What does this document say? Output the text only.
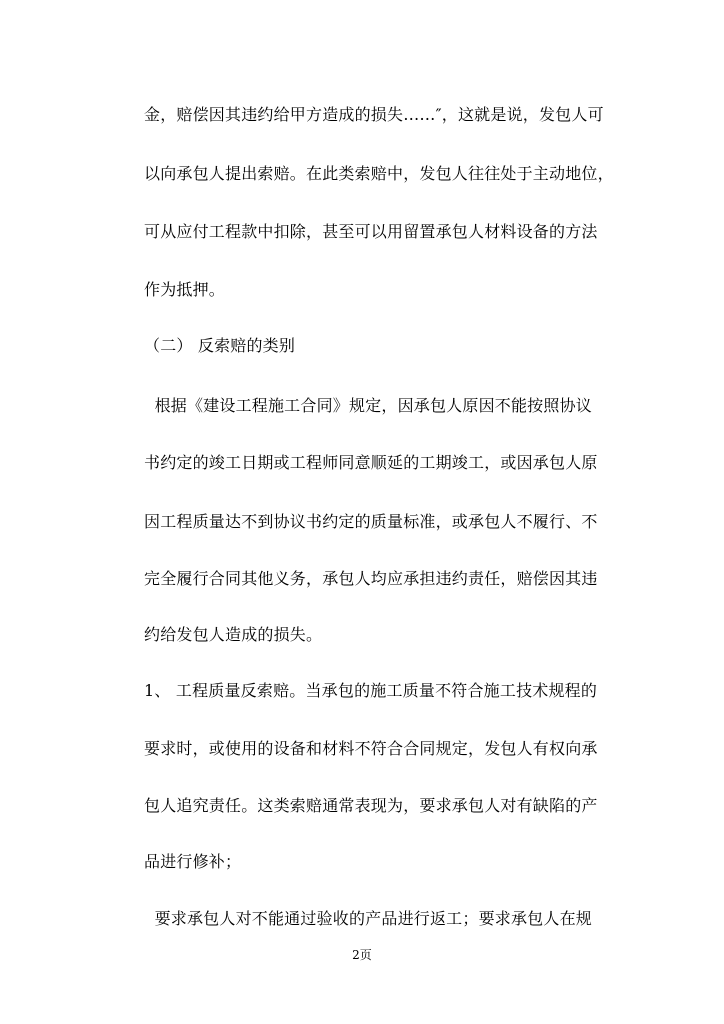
金，赔偿因其违约给甲方造成的损失……″，这就是说，发包人可
以向承包人提出索赔。在此类索赔中，发包人往往处于主动地位，
可从应付工程款中扣除，甚至可以用留置承包人材料设备的方法
作为抵押。
（二） 反索赔的类别
根据《建设工程施工合同》规定，因承包人原因不能按照协议
书约定的竣工日期或工程师同意顺延的工期竣工，或因承包人原
因工程质量达不到协议书约定的质量标准，或承包人不履行、不
完全履行合同其他义务，承包人均应承担违约责任，赔偿因其违
约给发包人造成的损失。
1、 工程质量反索赔。当承包的施工质量不符合施工技术规程的
要求时，或使用的设备和材料不符合合同规定，发包人有权向承
包人追究责任。这类索赔通常表现为，要求承包人对有缺陷的产
品进行修补；
要求承包人对不能通过验收的产品进行返工；要求承包人在规
2页
